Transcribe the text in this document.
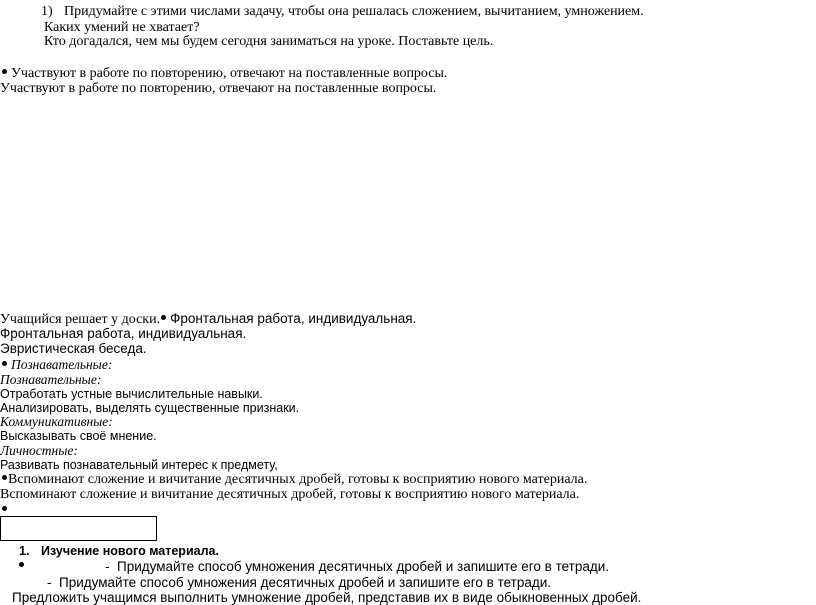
1) Придумайте с этими числами задачу, чтобы она решалась сложением, вычитанием, умножением.
Каких умений не хватает?
Кто догадался, чем мы будем сегодня заниматься на уроке. Поставьте цель.
Участвуют в работе по повторению, отвечают на поставленные вопросы.
Участвуют в работе по повторению, отвечают на поставленные вопросы.
Учащийся решает у доски. Фронтальная работа, индивидуальная.
Фронтальная работа, индивидуальная.
Эвристическая беседа.
Познавательные:
Познавательные:
Отработать устные вычислительные навыки.
Анализировать, выделять существенные признаки.
Коммуникативные:
Высказывать своё мнение.
Личностные:
Развивать познавательный интерес к предмету,
Вспоминают сложение и вичитание десятичных дробей, готовы к восприятию нового материала.
Вспоминают сложение и вичитание десятичных дробей, готовы к восприятию нового материала.
1. Изучение нового материала.
- Придумайте способ умножения десятичных дробей и запишите его в тетради.
- Придумайте способ умножения десятичных дробей и запишите его в тетради.
Предложить учащимся выполнить умножение дробей, представив их в виде обыкновенных дробей.
